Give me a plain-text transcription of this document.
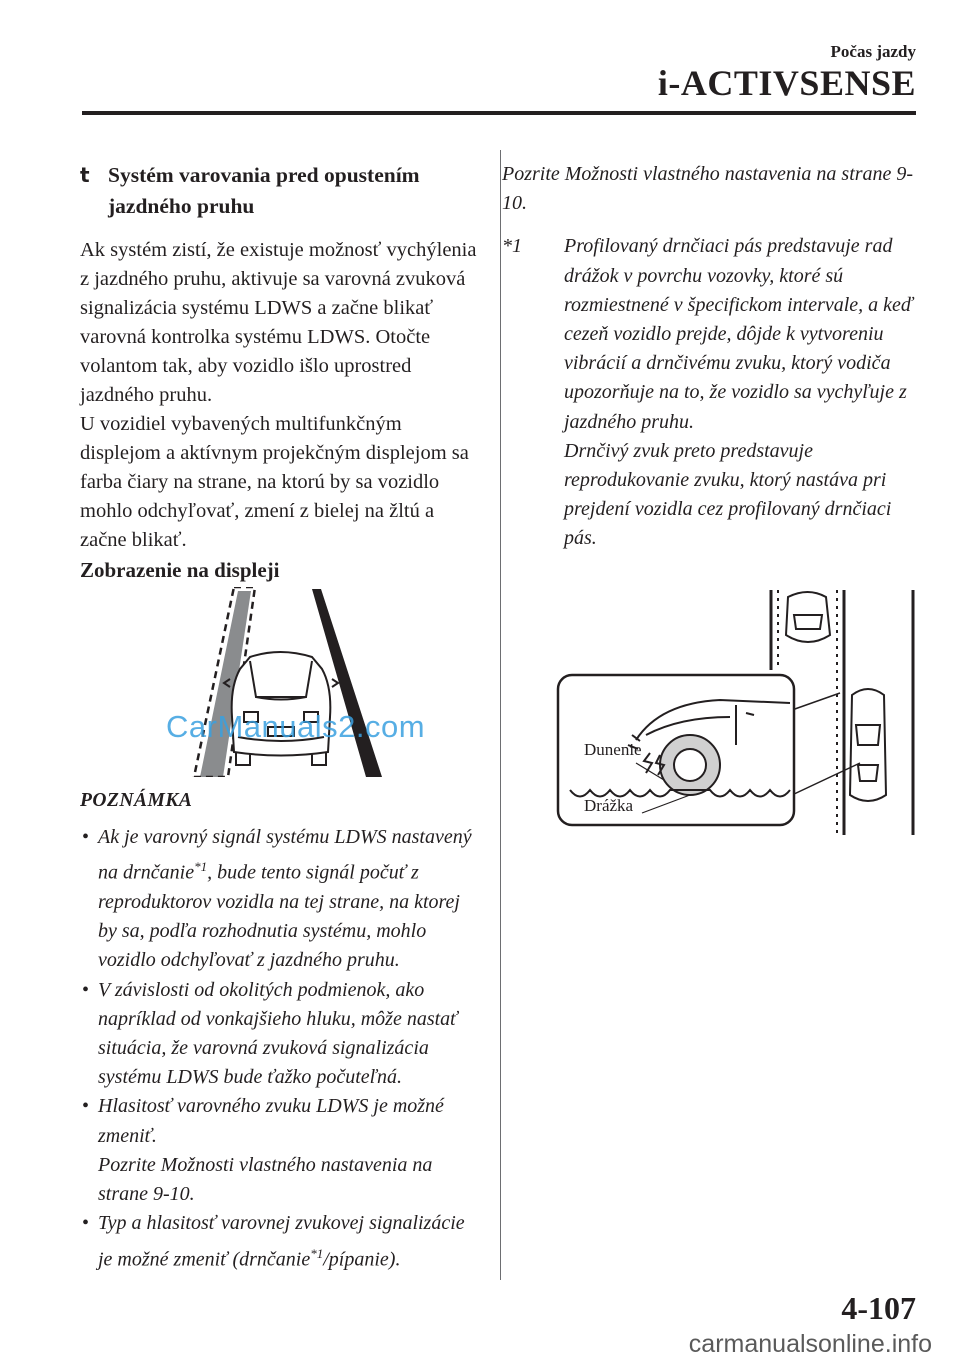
Počas jazdy
i-ACTIVSENSE
t Systém varovania pred opustením jazdného pruhu

Ak systém zistí, že existuje možnosť vychýlenia z jazdného pruhu, aktivuje sa varovná zvuková signalizácia systému LDWS a začne blikať varovná kontrolka systému LDWS. Otočte volantom tak, aby vozidlo išlo uprostred jazdného pruhu.

U vozidiel vybavených multifunkčným displejom a aktívnym projekčným displejom sa farba čiary na strane, na ktorú by sa vozidlo mohlo odchyľovať, zmení z bielej na žltú a začne blikať.

Zobrazenie na displeji
CarManuals2.com
POZNÁMKA
• Ak je varovný signál systému LDWS nastavený na drnčanie$^{*1}$, bude tento signál počuť z reproduktorov vozidla na tej strane, na ktorej by sa, podľa rozhodnutia systému, mohlo vozidlo odchyľovať z jazdného pruhu.
• V závislosti od okolitých podmienok, ako napríklad od vonkajšieho hluku, môže nastať situácia, že varovná zvuková signalizácia systému LDWS bude ťažko počuteľná.
• Hlasitosť varovného zvuku LDWS je možné zmeniť.
Pozrite Možnosti vlastného nastavenia na strane 9-10.
• Typ a hlasitosť varovnej zvukovej signalizácie je možné zmeniť (drnčanie$^{*1}$/pípanie).
Pozrite Možnosti vlastného nastavenia na strane 9-10.
*1	Profilovaný drnčiaci pás predstavuje rad drážok v povrchu vozovky, ktoré sú rozmiestnené v špecifickom intervale, a keď cezeň vozidlo prejde, dôjde k vytvoreniu vibrácií a drnčivému zvuku, ktorý vodiča upozorňuje na to, že vozidlo sa vychyľuje z jazdného pruhu.
Drnčivý zvuk preto predstavuje reprodukovanie zvuku, ktorý nastáva pri prejdení vozidla cez profilovaný drnčiaci pás.
Dunenie
Drážka
4-107
carmanualsonline.info
